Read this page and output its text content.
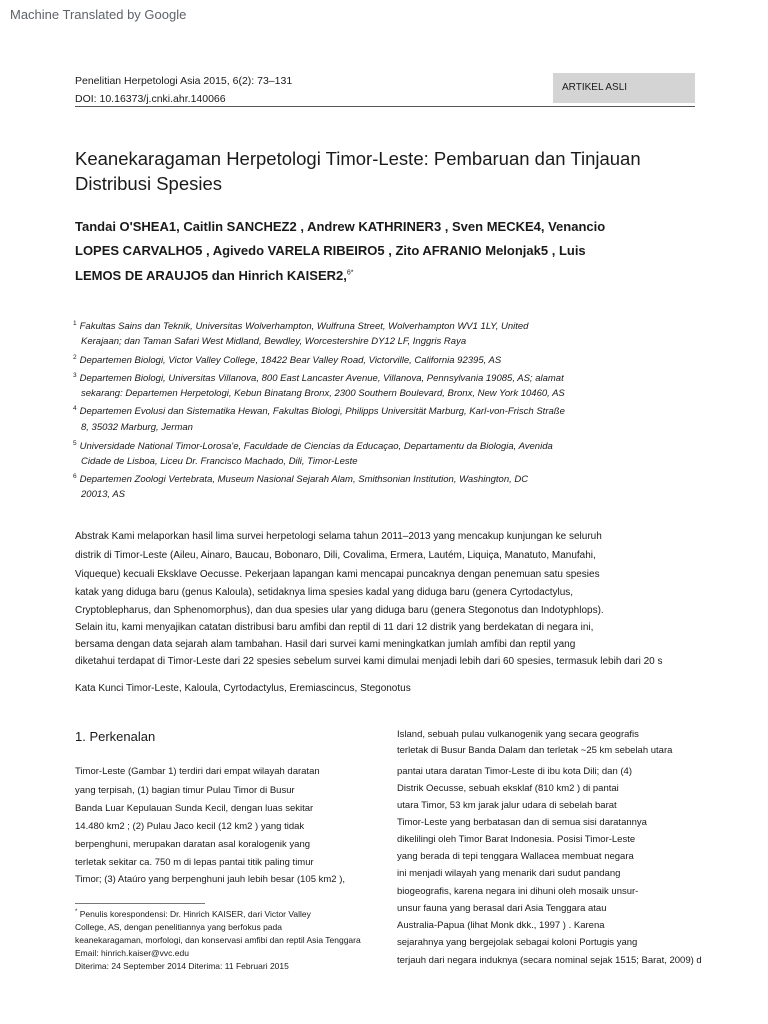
Machine Translated by Google
Penelitian Herpetologi Asia 2015, 6(2): 73–131
DOI: 10.16373/j.cnki.ahr.140066
ARTIKEL ASLI
Keanekaragaman Herpetologi Timor-Leste: Pembaruan dan Tinjauan
Distribusi Spesies
Tandai O'SHEA1, Caitlin SANCHEZ2 , Andrew KATHRINER3 , Sven MECKE4, Venancio
LOPES CARVALHO5 , Agivedo VARELA RIBEIRO5 , Zito AFRANIO Melonjak5 , Luis
LEMOS DE ARAUJO5 dan Hinrich KAISER2,$^{6*}$
$^1$ Fakultas Sains dan Teknik, Universitas Wolverhampton, Wulfruna Street, Wolverhampton WV1 1LY, United
Kerajaan; dan Taman Safari West Midland, Bewdley, Worcestershire DY12 LF, Inggris Raya
$^2$ Departemen Biologi, Victor Valley College, 18422 Bear Valley Road, Victorville, California 92395, AS
$^3$ Departemen Biologi, Universitas Villanova, 800 East Lancaster Avenue, Villanova, Pennsylvania 19085, AS; alamat
sekarang: Departemen Herpetologi, Kebun Binatang Bronx, 2300 Southern Boulevard, Bronx, New York 10460, AS
$^4$ Departemen Evolusi dan Sistematika Hewan, Fakultas Biologi, Philipps Universität Marburg, Karl-von-Frisch Straße
8, 35032 Marburg, Jerman
$^5$ Universidade National Timor-Lorosa'e, Faculdade de Ciencias da Educaçao, Departamentu da Biologia, Avenida
Cidade de Lisboa, Liceu Dr. Francisco Machado, Dili, Timor-Leste
$^6$ Departemen Zoologi Vertebrata, Museum Nasional Sejarah Alam, Smithsonian Institution, Washington, DC
20013, AS
Abstrak Kami melaporkan hasil lima survei herpetologi selama tahun 2011–2013 yang mencakup kunjungan ke seluruh
distrik di Timor-Leste (Aileu, Ainaro, Baucau, Bobonaro, Dili, Covalima, Ermera, Lautém, Liquiça, Manatuto, Manufahi,
Viqueque) kecuali Eksklave Oecusse. Pekerjaan lapangan kami mencapai puncaknya dengan penemuan satu spesies
katak yang diduga baru (genus Kaloula), setidaknya lima spesies kadal yang diduga baru (genera Cyrtodactylus,
Cryptoblepharus, dan Sphenomorphus), dan dua spesies ular yang diduga baru (genera Stegonotus dan Indotyphlops).
Selain itu, kami menyajikan catatan distribusi baru amfibi dan reptil di 11 dari 12 distrik yang berdekatan di negara ini,
bersama dengan data sejarah alam tambahan. Hasil dari survei kami meningkatkan jumlah amfibi dan reptil yang
diketahui terdapat di Timor-Leste dari 22 spesies sebelum survei kami dimulai menjadi lebih dari 60 spesies, termasuk lebih dari 20 s
Kata Kunci Timor-Leste, Kaloula, Cyrtodactylus, Eremiascincus, Stegonotus
1. Perkenalan
Timor-Leste (Gambar 1) terdiri dari empat wilayah daratan
yang terpisah, (1) bagian timur Pulau Timor di Busur
Banda Luar Kepulauan Sunda Kecil, dengan luas sekitar
14.480 km2 ; (2) Pulau Jaco kecil (12 km2 ) yang tidak
berpenghuni, merupakan daratan asal koralogenik yang
terletak sekitar ca. 750 m di lepas pantai titik paling timur
Timor; (3) Ataúro yang berpenghuni jauh lebih besar (105 km2 ),
Island, sebuah pulau vulkanogenik yang secara geografis
terletak di Busur Banda Dalam dan terletak ~25 km sebelah utara
pantai utara daratan Timor-Leste di ibu kota Dili; dan (4)
Distrik Oecusse, sebuah eksklaf (810 km2 ) di pantai
utara Timor, 53 km jarak jalur udara di sebelah barat
Timor-Leste yang berbatasan dan di semua sisi daratannya
dikelilingi oleh Timor Barat Indonesia. Posisi Timor-Leste
yang berada di tepi tenggara Wallacea membuat negara
ini menjadi wilayah yang menarik dari sudut pandang
biogeografis, karena negara ini dihuni oleh mosaik unsur-
unsur fauna yang berasal dari Asia Tenggara atau
Australia-Papua (lihat Monk dkk., 1997 ) . Karena
sejarahnya yang bergejolak sebagai koloni Portugis yang
terjauh dari negara induknya (secara nominal sejak 1515; Barat, 2009) d
* Penulis korespondensi: Dr. Hinrich KAISER, dari Victor Valley
College, AS, dengan penelitiannya yang berfokus pada
keanekaragaman, morfologi, dan konservasi amfibi dan reptil Asia Tenggara
Email: hinrich.kaiser@vvc.edu
Diterima: 24 September 2014 Diterima: 11 Februari 2015
